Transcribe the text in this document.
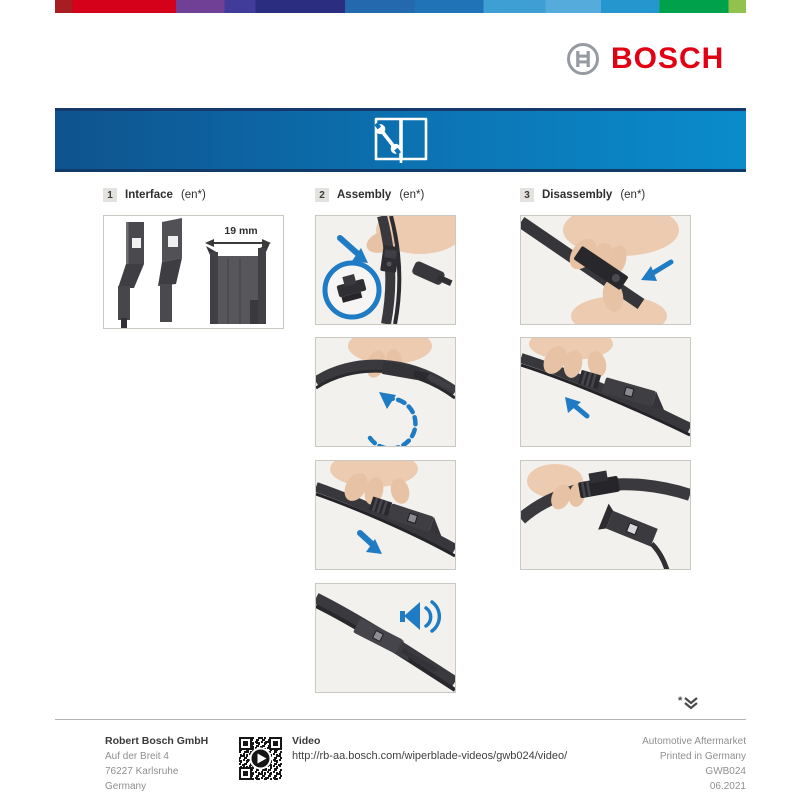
BOSCH
1	Interface (en*)	2	Assembly (en*)	3	Disassembly (en*)
19 mm
*
Robert Bosch GmbH
Auf der Breit 4
76227 Karlsruhe
Germany
Video
http://rb-aa.bosch.com/wiperblade-videos/gwb024/video/
Automotive Aftermarket
Printed in Germany
GWB024
06.2021
